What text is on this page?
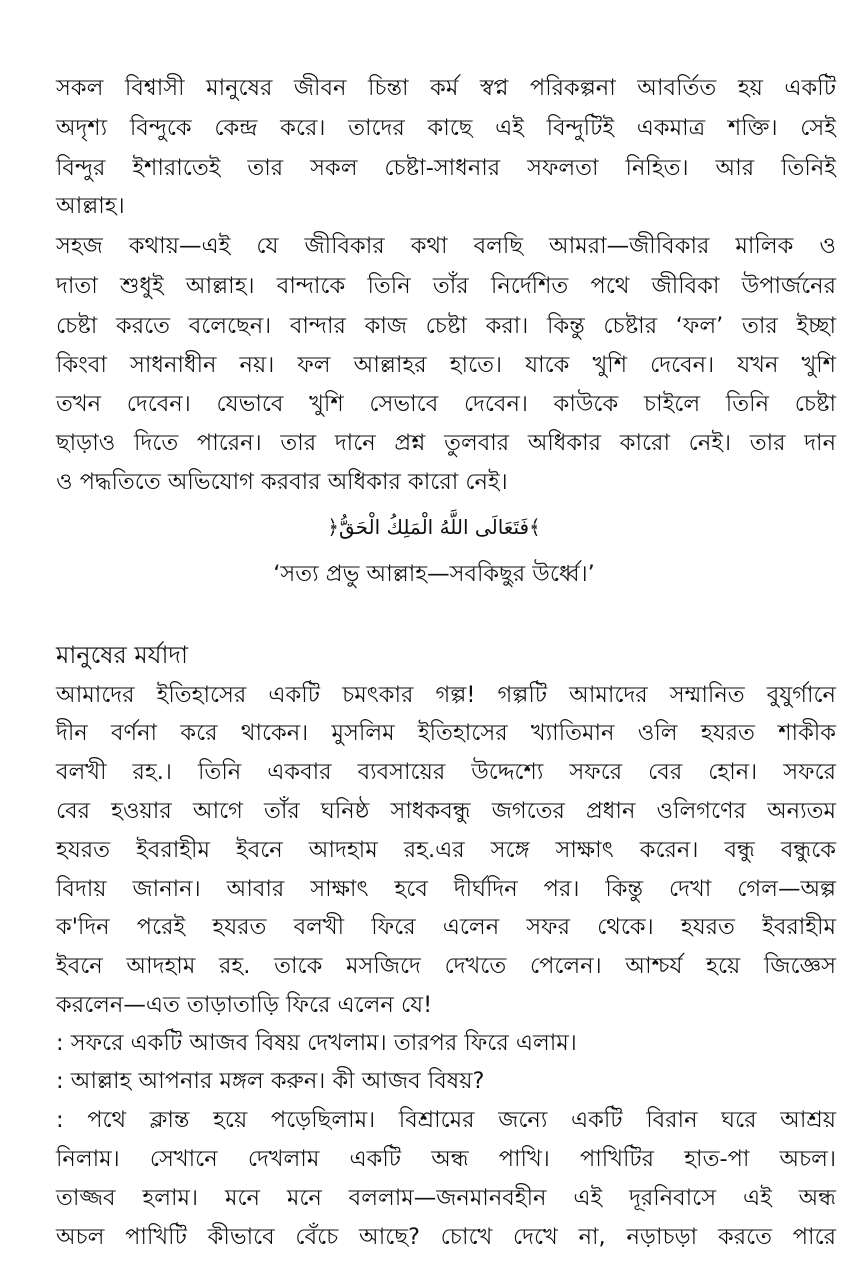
সকল বিশ্বাসী মানুষের জীবন চিন্তা কর্ম স্বপ্ন পরিকল্পনা আবর্তিত হয় একটি
অদৃশ্য বিন্দুকে কেন্দ্র করে। তাদের কাছে এই বিন্দুটিই একমাত্র শক্তি। সেই
বিন্দুর ইশারাতেই তার সকল চেষ্টা-সাধনার সফলতা নিহিত। আর তিনিই
আল্লাহ।
সহজ কথায়—এই যে জীবিকার কথা বলছি আমরা—জীবিকার মালিক ও
দাতা শুধুই আল্লাহ। বান্দাকে তিনি তাঁর নির্দেশিত পথে জীবিকা উপার্জনের
চেষ্টা করতে বলেছেন। বান্দার কাজ চেষ্টা করা। কিন্তু চেষ্টার ‘ফল’ তার ইচ্ছা
কিংবা সাধনাধীন নয়। ফল আল্লাহর হাতে। যাকে খুশি দেবেন। যখন খুশি
তখন দেবেন। যেভাবে খুশি সেভাবে দেবেন। কাউকে চাইলে তিনি চেষ্টা
ছাড়াও দিতে পারেন। তার দানে প্রশ্ন তুলবার অধিকার কারো নেই। তার দান
ও পদ্ধতিতে অভিযোগ করবার অধিকার কারো নেই।
﴿فَتَعَالَى اللَّهُ الْمَلِكُ الْحَقُّ﴾
‘সত্য প্রভু আল্লাহ—সবকিছুর উর্ধ্বে।’
মানুষের মর্যাদা
আমাদের ইতিহাসের একটি চমৎকার গল্প! গল্পটি আমাদের সম্মানিত বুযুর্গানে
দীন বর্ণনা করে থাকেন। মুসলিম ইতিহাসের খ্যাতিমান ওলি হযরত শাকীক
বলখী রহ.। তিনি একবার ব্যবসায়ের উদ্দেশ্যে সফরে বের হোন। সফরে
বের হওয়ার আগে তাঁর ঘনিষ্ঠ সাধকবন্ধু জগতের প্রধান ওলিগণের অন্যতম
হযরত ইবরাহীম ইবনে আদহাম রহ.এর সঙ্গে সাক্ষাৎ করেন। বন্ধু বন্ধুকে
বিদায় জানান। আবার সাক্ষাৎ হবে দীর্ঘদিন পর। কিন্তু দেখা গেল—অল্প
ক'দিন পরেই হযরত বলখী ফিরে এলেন সফর থেকে। হযরত ইবরাহীম
ইবনে আদহাম রহ. তাকে মসজিদে দেখতে পেলেন। আশ্চর্য হয়ে জিজ্ঞেস
করলেন—এত তাড়াতাড়ি ফিরে এলেন যে!
: সফরে একটি আজব বিষয় দেখলাম। তারপর ফিরে এলাম।
: আল্লাহ আপনার মঙ্গল করুন। কী আজব বিষয়?
: পথে ক্লান্ত হয়ে পড়েছিলাম। বিশ্রামের জন্যে একটি বিরান ঘরে আশ্রয়
নিলাম। সেখানে দেখলাম একটি অন্ধ পাখি। পাখিটির হাত-পা অচল।
তাজ্জব হলাম। মনে মনে বললাম—জনমানবহীন এই দূরনিবাসে এই অন্ধ
অচল পাখিটি কীভাবে বেঁচে আছে? চোখে দেখে না, নড়াচড়া করতে পারে
